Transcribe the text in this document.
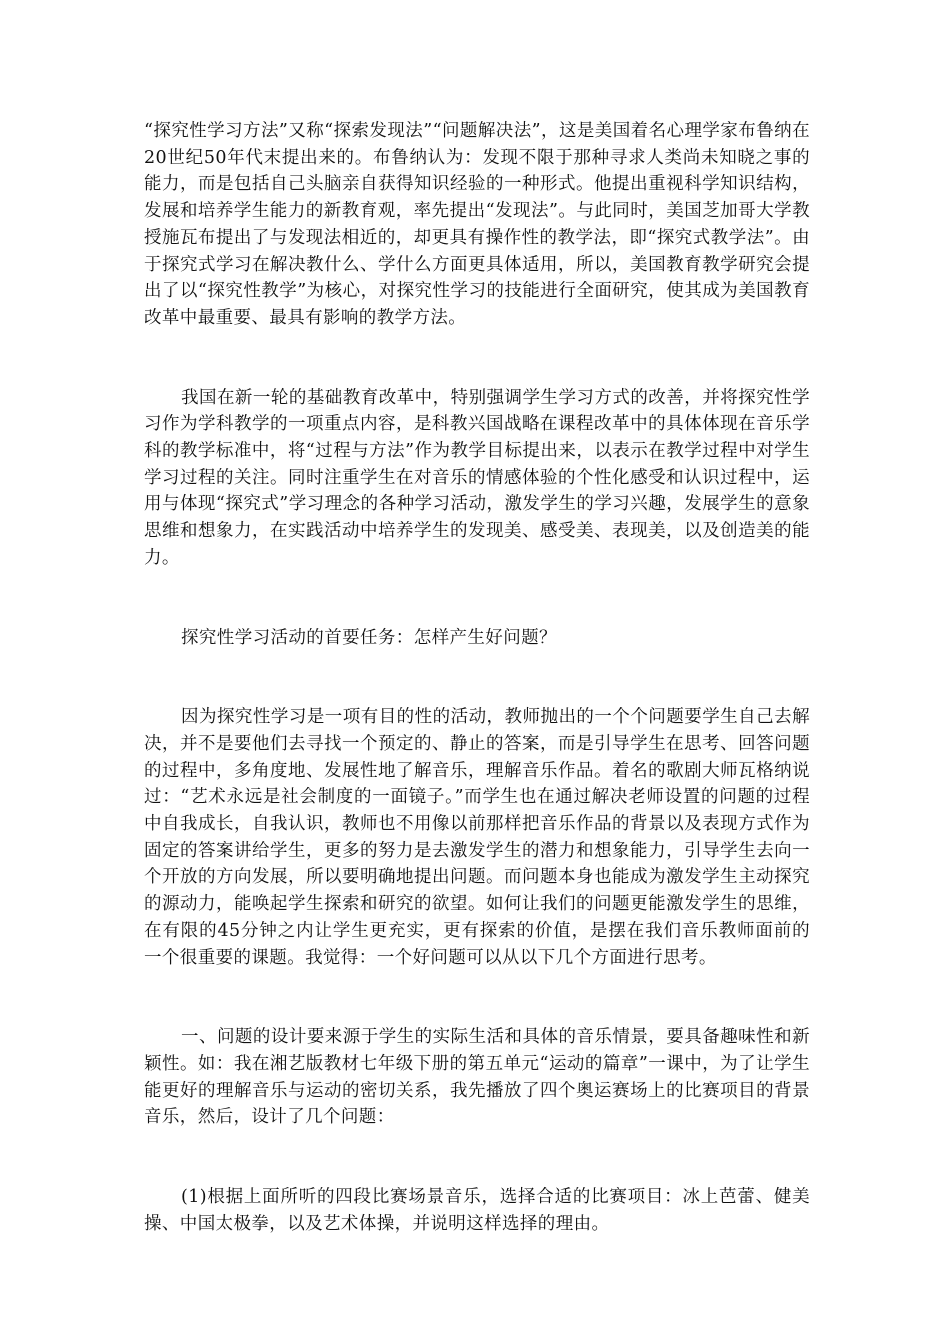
“探究性学习方法”又称“探索发现法”“问题解决法”，这是美国着名心理学家布鲁纳在20世纪50年代末提出来的。布鲁纳认为：发现不限于那种寻求人类尚未知晓之事的能力，而是包括自己头脑亲自获得知识经验的一种形式。他提出重视科学知识结构，发展和培养学生能力的新教育观，率先提出“发现法”。与此同时，美国芝加哥大学教授施瓦布提出了与发现法相近的，却更具有操作性的教学法，即“探究式教学法”。由于探究式学习在解决教什么、学什么方面更具体适用，所以，美国教育教学研究会提出了以“探究性教学”为核心，对探究性学习的技能进行全面研究，使其成为美国教育改革中最重要、最具有影响的教学方法。

我国在新一轮的基础教育改革中，特别强调学生学习方式的改善，并将探究性学习作为学科教学的一项重点内容，是科教兴国战略在课程改革中的具体体现在音乐学科的教学标准中，将“过程与方法”作为教学目标提出来，以表示在教学过程中对学生学习过程的关注。同时注重学生在对音乐的情感体验的个性化感受和认识过程中，运用与体现“探究式”学习理念的各种学习活动，激发学生的学习兴趣，发展学生的意象思维和想象力，在实践活动中培养学生的发现美、感受美、表现美，以及创造美的能力。

探究性学习活动的首要任务：怎样产生好问题？

因为探究性学习是一项有目的性的活动，教师抛出的一个个问题要学生自己去解决，并不是要他们去寻找一个预定的、静止的答案，而是引导学生在思考、回答问题的过程中，多角度地、发展性地了解音乐，理解音乐作品。着名的歌剧大师瓦格纳说过：“艺术永远是社会制度的一面镜子。”而学生也在通过解决老师设置的问题的过程中自我成长，自我认识，教师也不用像以前那样把音乐作品的背景以及表现方式作为固定的答案讲给学生，更多的努力是去激发学生的潜力和想象能力，引导学生去向一个开放的方向发展，所以要明确地提出问题。而问题本身也能成为激发学生主动探究的源动力，能唤起学生探索和研究的欲望。如何让我们的问题更能激发学生的思维，在有限的45分钟之内让学生更充实，更有探索的价值，是摆在我们音乐教师面前的一个很重要的课题。我觉得：一个好问题可以从以下几个方面进行思考。

一、问题的设计要来源于学生的实际生活和具体的音乐情景，要具备趣味性和新颖性。如：我在湘艺版教材七年级下册的第五单元“运动的篇章”一课中，为了让学生能更好的理解音乐与运动的密切关系，我先播放了四个奥运赛场上的比赛项目的背景音乐，然后，设计了几个问题：

(1)根据上面所听的四段比赛场景音乐，选择合适的比赛项目：冰上芭蕾、健美操、中国太极拳，以及艺术体操，并说明这样选择的理由。
